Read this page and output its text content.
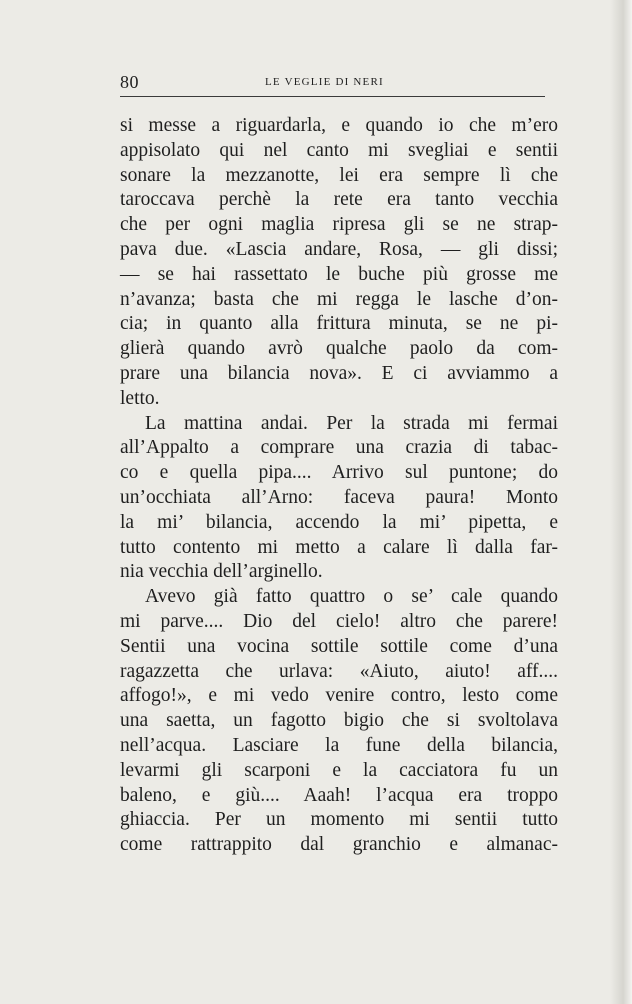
80	LE VEGLIE DI NERI
si messe a riguardarla, e quando io che m’ero
appisolato qui nel canto mi svegliai e sentii
sonare la mezzanotte, lei era sempre lì che
taroccava perchè la rete era tanto vecchia
che per ogni maglia ripresa gli se ne strap-
pava due. «Lascia andare, Rosa, — gli dissi;
— se hai rassettato le buche più grosse me
n’avanza; basta che mi regga le lasche d’on-
cia; in quanto alla frittura minuta, se ne pi-
glierà quando avrò qualche paolo da com-
prare una bilancia nova». E ci avviammo a
letto.
La mattina andai. Per la strada mi fermai
all’Appalto a comprare una crazia di tabac-
co e quella pipa.... Arrivo sul puntone; do
un’occhiata all’Arno: faceva paura! Monto
la mi’ bilancia, accendo la mi’ pipetta, e
tutto contento mi metto a calare lì dalla far-
nia vecchia dell’arginello.
Avevo già fatto quattro o se’ cale quando
mi parve.... Dio del cielo! altro che parere!
Sentii una vocina sottile sottile come d’una
ragazzetta che urlava: «Aiuto, aiuto! aff....
affogo!», e mi vedo venire contro, lesto come
una saetta, un fagotto bigio che si svoltolava
nell’acqua. Lasciare la fune della bilancia,
levarmi gli scarponi e la cacciatora fu un
baleno, e giù.... Aaah! l’acqua era troppo
ghiaccia. Per un momento mi sentii tutto
come rattrappito dal granchio e almanac-
